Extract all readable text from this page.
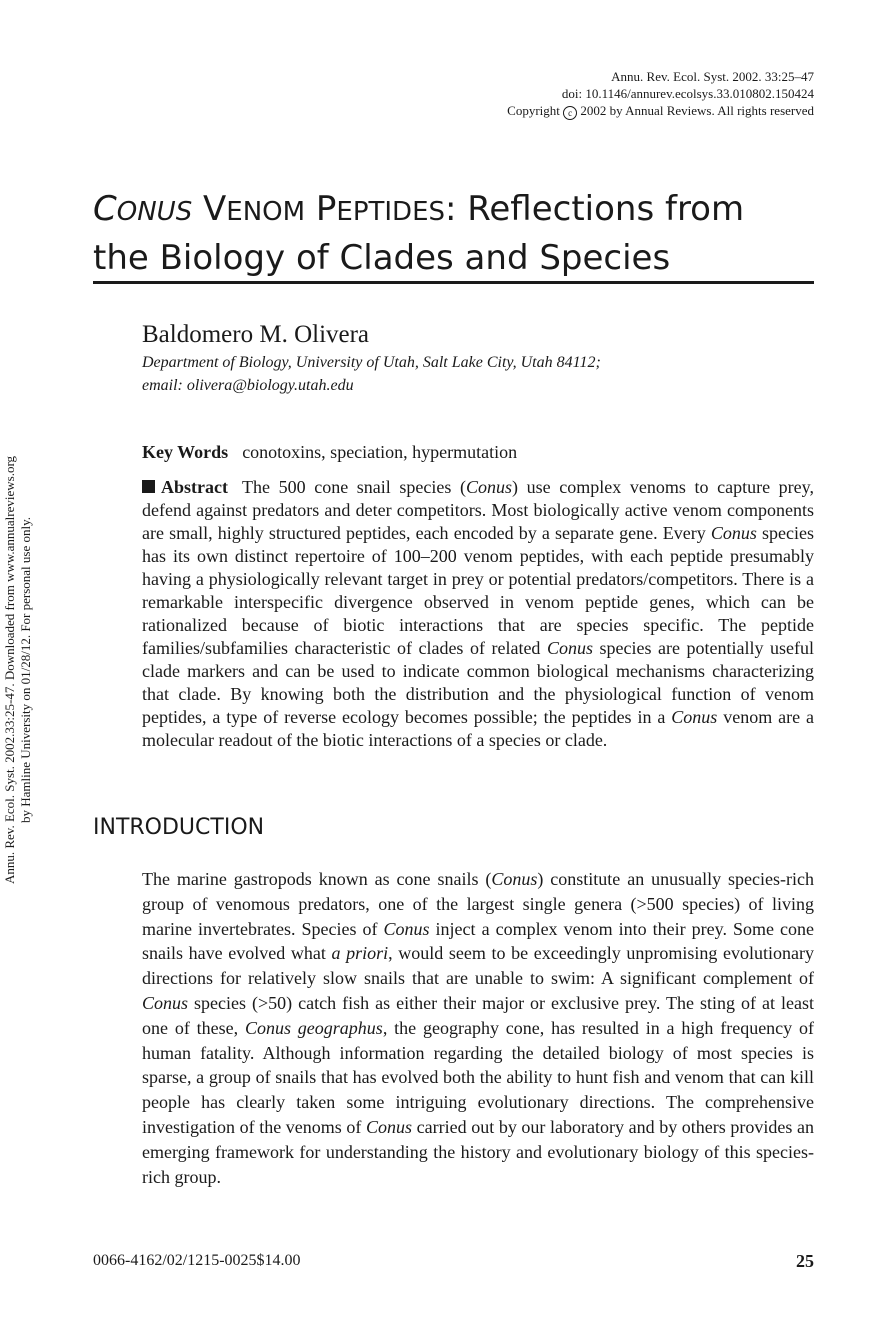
Annu. Rev. Ecol. Syst. 2002. 33:25–47
doi: 10.1146/annurev.ecolsys.33.010802.150424
Copyright c 2002 by Annual Reviews. All rights reserved
Annu. Rev. Ecol. Syst. 2002.33:25-47. Downloaded from www.annualreviews.org by Hamline University on 01/28/12. For personal use only.
CONUS VENOM PEPTIDES: Reflections from
the Biology of Clades and Species
Baldomero M. Olivera
Department of Biology, University of Utah, Salt Lake City, Utah 84112;
email: olivera@biology.utah.edu
Key Words conotoxins, speciation, hypermutation

Abstract The 500 cone snail species (Conus) use complex venoms to capture prey, defend against predators and deter competitors. Most biologically active venom components are small, highly structured peptides, each encoded by a separate gene. Every Conus species has its own distinct repertoire of 100–200 venom peptides, with each peptide presumably having a physiologically relevant target in prey or potential predators/competitors. There is a remarkable interspecific divergence observed in venom peptide genes, which can be rationalized because of biotic interactions that are species specific. The peptide families/subfamilies characteristic of clades of related Conus species are potentially useful clade markers and can be used to indicate common biological mechanisms characterizing that clade. By knowing both the distribution and the physiological function of venom peptides, a type of reverse ecology becomes possible; the peptides in a Conus venom are a molecular readout of the biotic interactions of a species or clade.

INTRODUCTION

The marine gastropods known as cone snails (Conus) constitute an unusually species-rich group of venomous predators, one of the largest single genera (>500 species) of living marine invertebrates. Species of Conus inject a complex venom into their prey. Some cone snails have evolved what a priori, would seem to be exceedingly unpromising evolutionary directions for relatively slow snails that are unable to swim: A significant complement of Conus species (>50) catch fish as either their major or exclusive prey. The sting of at least one of these, Conus geographus, the geography cone, has resulted in a high frequency of human fatality. Although information regarding the detailed biology of most species is sparse, a group of snails that has evolved both the ability to hunt fish and venom that can kill people has clearly taken some intriguing evolutionary directions. The comprehensive investigation of the venoms of Conus carried out by our laboratory and by others provides an emerging framework for understanding the history and evolutionary biology of this species-rich group.

0066-4162/02/1215-0025$14.00	25
